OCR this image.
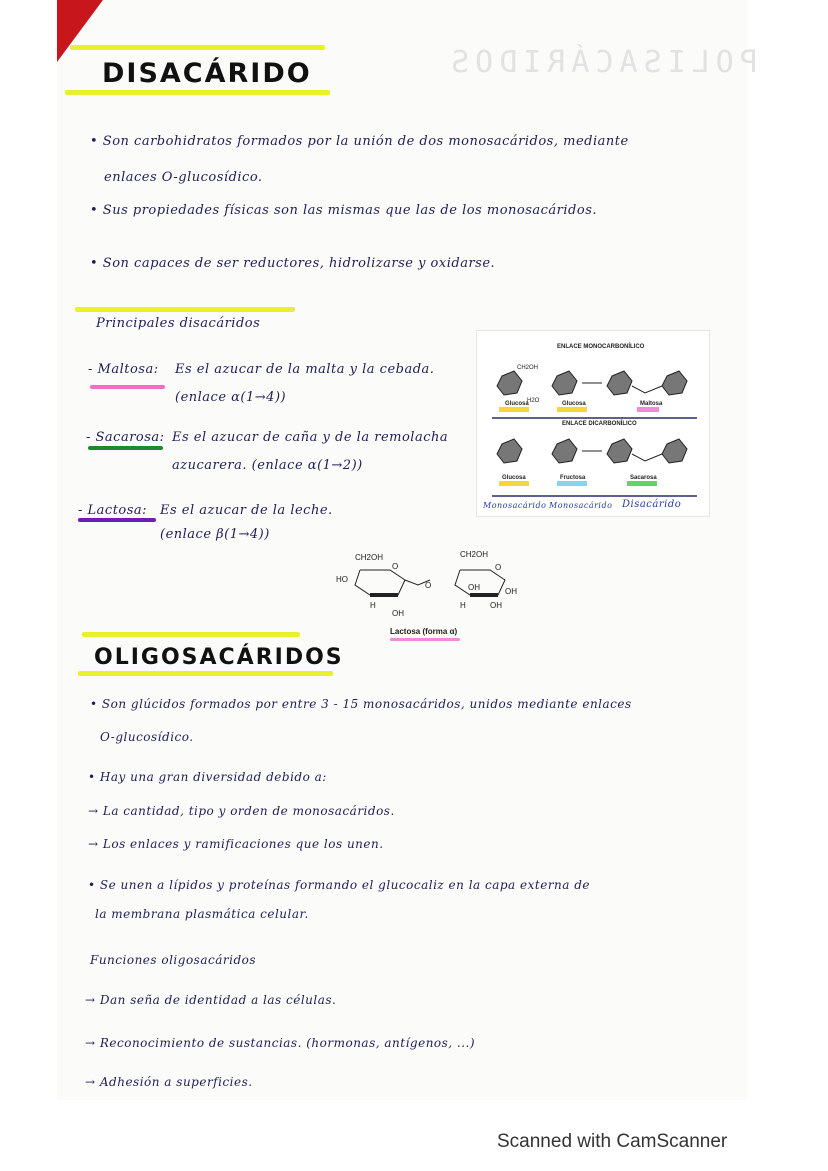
POLISACÁRIDOS
DISACÁRIDO
• Son carbohidratos formados por la unión de dos monosacáridos, mediante
enlaces O-glucosídico.
• Sus propiedades físicas son las mismas que las de los monosacáridos.
• Son capaces de ser reductores, hidrolizarse y oxidarse.
Principales disacáridos
- Maltosa: Es el azucar de la malta y la cebada.
(enlace α(1→4))
- Sacarosa: Es el azucar de caña y de la remolacha
azucarera. (enlace α(1→2))
- Lactosa: Es el azucar de la leche.
(enlace β(1→4))
ENLACE MONOCARBONÍLICO
Glucosa	Glucosa	Maltosa
ENLACE DICARBONÍLICO
Glucosa	Fructosa	Sacarosa
CH2OH
H2O
Monosacárido Monosacárido Disacárido
CH2OH	CH2OH
O
O
O
HO
H
OH
H
OH
OH
OH
Lactosa (forma α)
OLIGOSACÁRIDOS
• Son glúcidos formados por entre 3 - 15 monosacáridos, unidos mediante enlaces
O-glucosídico.
• Hay una gran diversidad debido a:
→ La cantidad, tipo y orden de monosacáridos.
→ Los enlaces y ramificaciones que los unen.
• Se unen a lípidos y proteínas formando el glucocaliz en la capa externa de
la membrana plasmática celular.
Funciones oligosacáridos
→ Dan seña de identidad a las células.
→ Reconocimiento de sustancias. (hormonas, antígenos, ...)
→ Adhesión a superficies.
Scanned with CamScanner
